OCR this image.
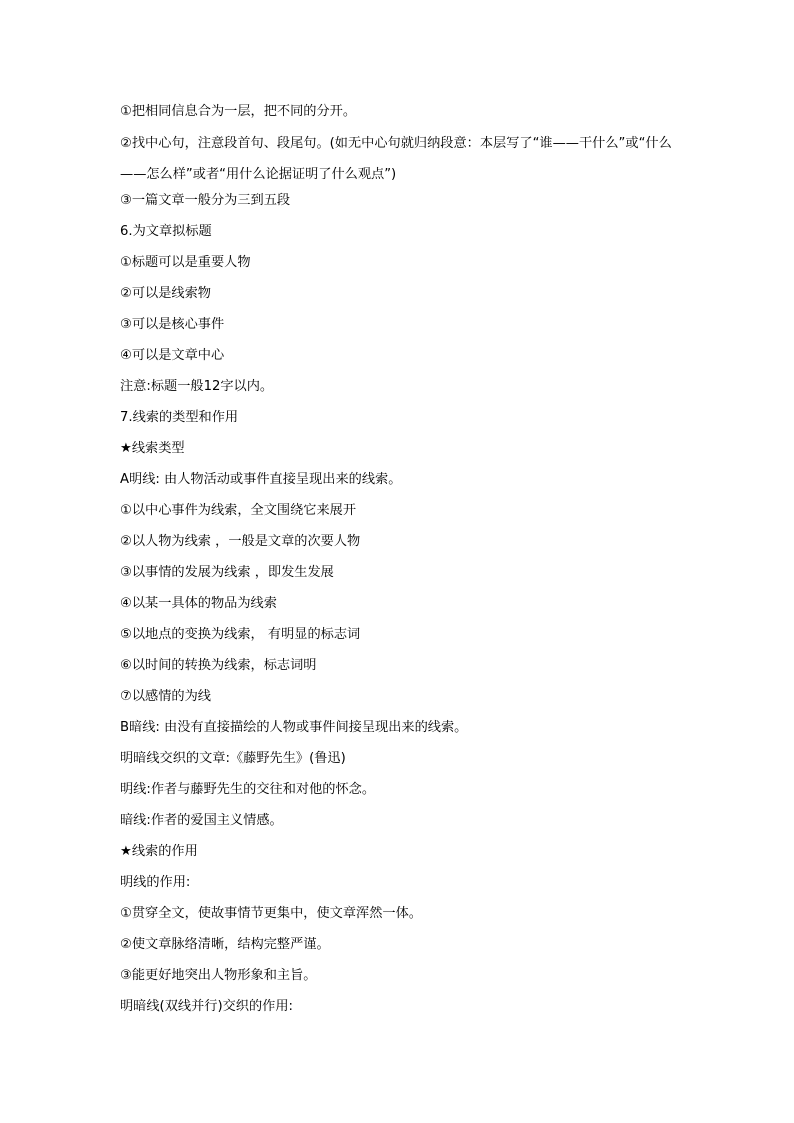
①把相同信息合为一层，把不同的分开。
②找中心句，注意段首句、段尾句。(如无中心句就归纳段意：本层写了“谁——干什么”或“什么——怎么样”或者“用什么论据证明了什么观点”)
③一篇文章一般分为三到五段
6.为文章拟标题
①标题可以是重要人物
②可以是线索物
③可以是核心事件
④可以是文章中心
注意:标题一般12字以内。
7.线索的类型和作用
★线索类型
A明线: 由人物活动或事件直接呈现出来的线索。
①以中心事件为线索，全文围绕它来展开
②以人物为线索 ，一般是文章的次要人物
③以事情的发展为线索 ，即发生发展
④以某一具体的物品为线索
⑤以地点的变换为线索， 有明显的标志词
⑥以时间的转换为线索，标志词明
⑦以感情的为线
B暗线: 由没有直接描绘的人物或事件间接呈现出来的线索。
明暗线交织的文章:《藤野先生》(鲁迅)
明线:作者与藤野先生的交往和对他的怀念。
暗线:作者的爱国主义情感。
★线索的作用
明线的作用:
①贯穿全文，使故事情节更集中，使文章浑然一体。
②使文章脉络清晰，结构完整严谨。
③能更好地突出人物形象和主旨。
明暗线(双线并行)交织的作用:
